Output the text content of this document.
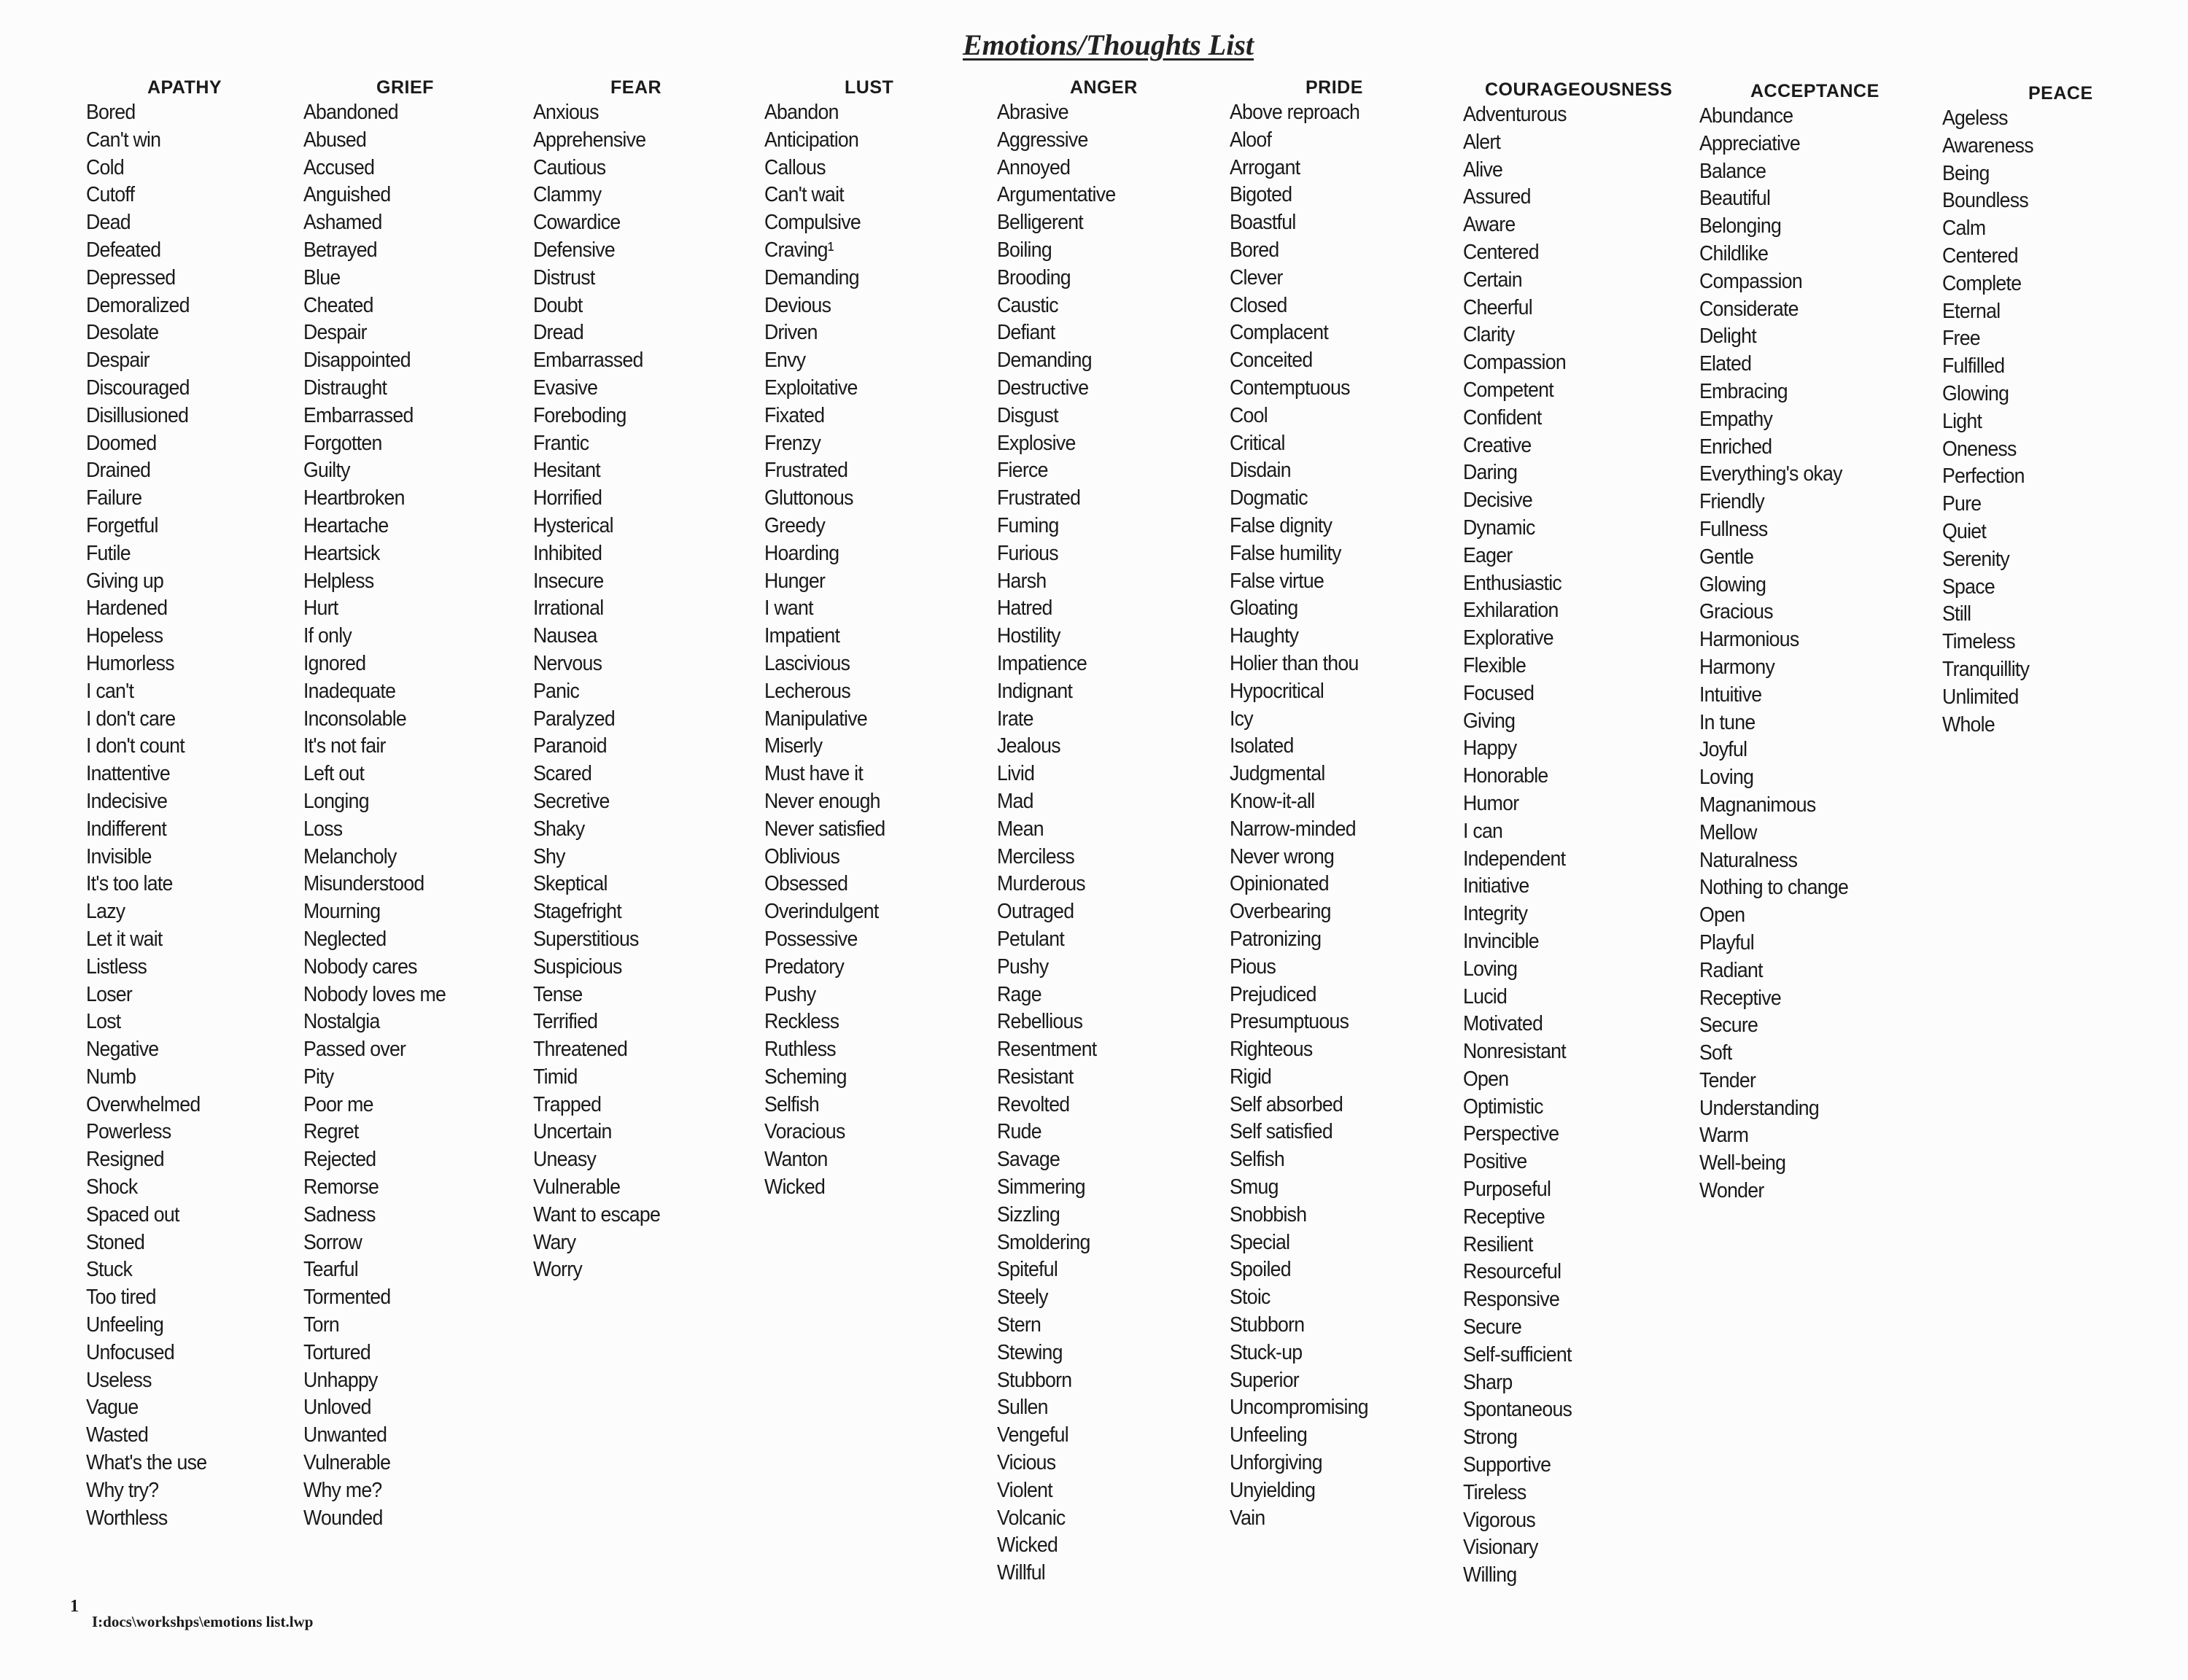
Emotions/Thoughts List
APATHY
Bored
Can't win
Cold
Cutoff
Dead
Defeated
Depressed
Demoralized
Desolate
Despair
Discouraged
Disillusioned
Doomed
Drained
Failure
Forgetful
Futile
Giving up
Hardened
Hopeless
Humorless
I can't
I don't care
I don't count
Inattentive
Indecisive
Indifferent
Invisible
It's too late
Lazy
Let it wait
Listless
Loser
Lost
Negative
Numb
Overwhelmed
Powerless
Resigned
Shock
Spaced out
Stoned
Stuck
Too tired
Unfeeling
Unfocused
Useless
Vague
Wasted
What's the use
Why try?
Worthless
GRIEF
Abandoned
Abused
Accused
Anguished
Ashamed
Betrayed
Blue
Cheated
Despair
Disappointed
Distraught
Embarrassed
Forgotten
Guilty
Heartbroken
Heartache
Heartsick
Helpless
Hurt
If only
Ignored
Inadequate
Inconsolable
It's not fair
Left out
Longing
Loss
Melancholy
Misunderstood
Mourning
Neglected
Nobody cares
Nobody loves me
Nostalgia
Passed over
Pity
Poor me
Regret
Rejected
Remorse
Sadness
Sorrow
Tearful
Tormented
Torn
Tortured
Unhappy
Unloved
Unwanted
Vulnerable
Why me?
Wounded
FEAR
Anxious
Apprehensive
Cautious
Clammy
Cowardice
Defensive
Distrust
Doubt
Dread
Embarrassed
Evasive
Foreboding
Frantic
Hesitant
Horrified
Hysterical
Inhibited
Insecure
Irrational
Nausea
Nervous
Panic
Paralyzed
Paranoid
Scared
Secretive
Shaky
Shy
Skeptical
Stagefright
Superstitious
Suspicious
Tense
Terrified
Threatened
Timid
Trapped
Uncertain
Uneasy
Vulnerable
Want to escape
Wary
Worry
LUST
Abandon
Anticipation
Callous
Can't wait
Compulsive
Craving¹
Demanding
Devious
Driven
Envy
Exploitative
Fixated
Frenzy
Frustrated
Gluttonous
Greedy
Hoarding
Hunger
I want
Impatient
Lascivious
Lecherous
Manipulative
Miserly
Must have it
Never enough
Never satisfied
Oblivious
Obsessed
Overindulgent
Possessive
Predatory
Pushy
Reckless
Ruthless
Scheming
Selfish
Voracious
Wanton
Wicked
ANGER
Abrasive
Aggressive
Annoyed
Argumentative
Belligerent
Boiling
Brooding
Caustic
Defiant
Demanding
Destructive
Disgust
Explosive
Fierce
Frustrated
Fuming
Furious
Harsh
Hatred
Hostility
Impatience
Indignant
Irate
Jealous
Livid
Mad
Mean
Merciless
Murderous
Outraged
Petulant
Pushy
Rage
Rebellious
Resentment
Resistant
Revolted
Rude
Savage
Simmering
Sizzling
Smoldering
Spiteful
Steely
Stern
Stewing
Stubborn
Sullen
Vengeful
Vicious
Violent
Volcanic
Wicked
Willful
PRIDE
Above reproach
Aloof
Arrogant
Bigoted
Boastful
Bored
Clever
Closed
Complacent
Conceited
Contemptuous
Cool
Critical
Disdain
Dogmatic
False dignity
False humility
False virtue
Gloating
Haughty
Holier than thou
Hypocritical
Icy
Isolated
Judgmental
Know-it-all
Narrow-minded
Never wrong
Opinionated
Overbearing
Patronizing
Pious
Prejudiced
Presumptuous
Righteous
Rigid
Self absorbed
Self satisfied
Selfish
Smug
Snobbish
Special
Spoiled
Stoic
Stubborn
Stuck-up
Superior
Uncompromising
Unfeeling
Unforgiving
Unyielding
Vain
COURAGEOUSNESS
Adventurous
Alert
Alive
Assured
Aware
Centered
Certain
Cheerful
Clarity
Compassion
Competent
Confident
Creative
Daring
Decisive
Dynamic
Eager
Enthusiastic
Exhilaration
Explorative
Flexible
Focused
Giving
Happy
Honorable
Humor
I can
Independent
Initiative
Integrity
Invincible
Loving
Lucid
Motivated
Nonresistant
Open
Optimistic
Perspective
Positive
Purposeful
Receptive
Resilient
Resourceful
Responsive
Secure
Self-sufficient
Sharp
Spontaneous
Strong
Supportive
Tireless
Vigorous
Visionary
Willing
ACCEPTANCE
Abundance
Appreciative
Balance
Beautiful
Belonging
Childlike
Compassion
Considerate
Delight
Elated
Embracing
Empathy
Enriched
Everything's okay
Friendly
Fullness
Gentle
Glowing
Gracious
Harmonious
Harmony
Intuitive
In tune
Joyful
Loving
Magnanimous
Mellow
Naturalness
Nothing to change
Open
Playful
Radiant
Receptive
Secure
Soft
Tender
Understanding
Warm
Well-being
Wonder
PEACE
Ageless
Awareness
Being
Boundless
Calm
Centered
Complete
Eternal
Free
Fulfilled
Glowing
Light
Oneness
Perfection
Pure
Quiet
Serenity
Space
Still
Timeless
Tranquillity
Unlimited
Whole
1
I:docs\workshps\emotions list.lwp
